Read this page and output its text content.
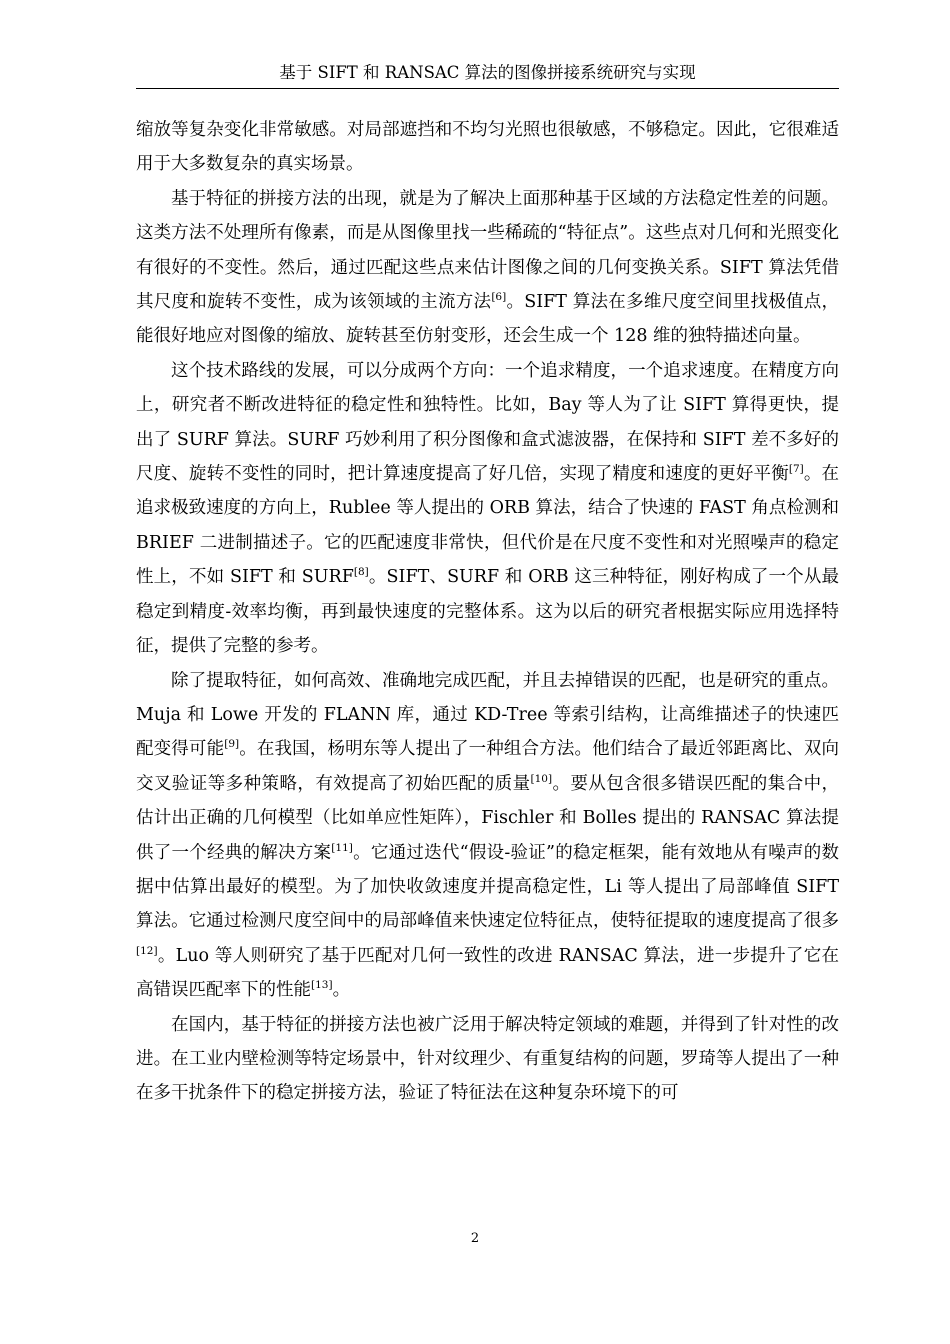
基于 SIFT 和 RANSAC 算法的图像拼接系统研究与实现

缩放等复杂变化非常敏感。对局部遮挡和不均匀光照也很敏感，不够稳定。因此，它很难适用于大多数复杂的真实场景。

基于特征的拼接方法的出现，就是为了解决上面那种基于区域的方法稳定性差的问题。这类方法不处理所有像素，而是从图像里找一些稀疏的“特征点”。这些点对几何和光照变化有很好的不变性。然后，通过匹配这些点来估计图像之间的几何变换关系。SIFT 算法凭借其尺度和旋转不变性，成为该领域的主流方法[6]。SIFT 算法在多维尺度空间里找极值点，能很好地应对图像的缩放、旋转甚至仿射变形，还会生成一个 128 维的独特描述向量。

这个技术路线的发展，可以分成两个方向：一个追求精度，一个追求速度。在精度方向上，研究者不断改进特征的稳定性和独特性。比如，Bay 等人为了让 SIFT 算得更快，提出了 SURF 算法。SURF 巧妙利用了积分图像和盒式滤波器，在保持和 SIFT 差不多好的尺度、旋转不变性的同时，把计算速度提高了好几倍，实现了精度和速度的更好平衡[7]。在追求极致速度的方向上，Rublee 等人提出的 ORB 算法，结合了快速的 FAST 角点检测和 BRIEF 二进制描述子。它的匹配速度非常快，但代价是在尺度不变性和对光照噪声的稳定性上，不如 SIFT 和 SURF[8]。SIFT、SURF 和 ORB 这三种特征，刚好构成了一个从最稳定到精度-效率均衡，再到最快速度的完整体系。这为以后的研究者根据实际应用选择特征，提供了完整的参考。

除了提取特征，如何高效、准确地完成匹配，并且去掉错误的匹配，也是研究的重点。Muja 和 Lowe 开发的 FLANN 库，通过 KD-Tree 等索引结构，让高维描述子的快速匹配变得可能[9]。在我国，杨明东等人提出了一种组合方法。他们结合了最近邻距离比、双向交叉验证等多种策略，有效提高了初始匹配的质量[10]。要从包含很多错误匹配的集合中，估计出正确的几何模型（比如单应性矩阵），Fischler 和 Bolles 提出的 RANSAC 算法提供了一个经典的解决方案[11]。它通过迭代“假设-验证”的稳定框架，能有效地从有噪声的数据中估算出最好的模型。为了加快收敛速度并提高稳定性，Li 等人提出了局部峰值 SIFT 算法。它通过检测尺度空间中的局部峰值来快速定位特征点，使特征提取的速度提高了很多[12]。Luo 等人则研究了基于匹配对几何一致性的改进 RANSAC 算法，进一步提升了它在高错误匹配率下的性能[13]。

在国内，基于特征的拼接方法也被广泛用于解决特定领域的难题，并得到了针对性的改进。在工业内壁检测等特定场景中，针对纹理少、有重复结构的问题，罗琦等人提出了一种在多干扰条件下的稳定拼接方法，验证了特征法在这种复杂环境下的可

2
